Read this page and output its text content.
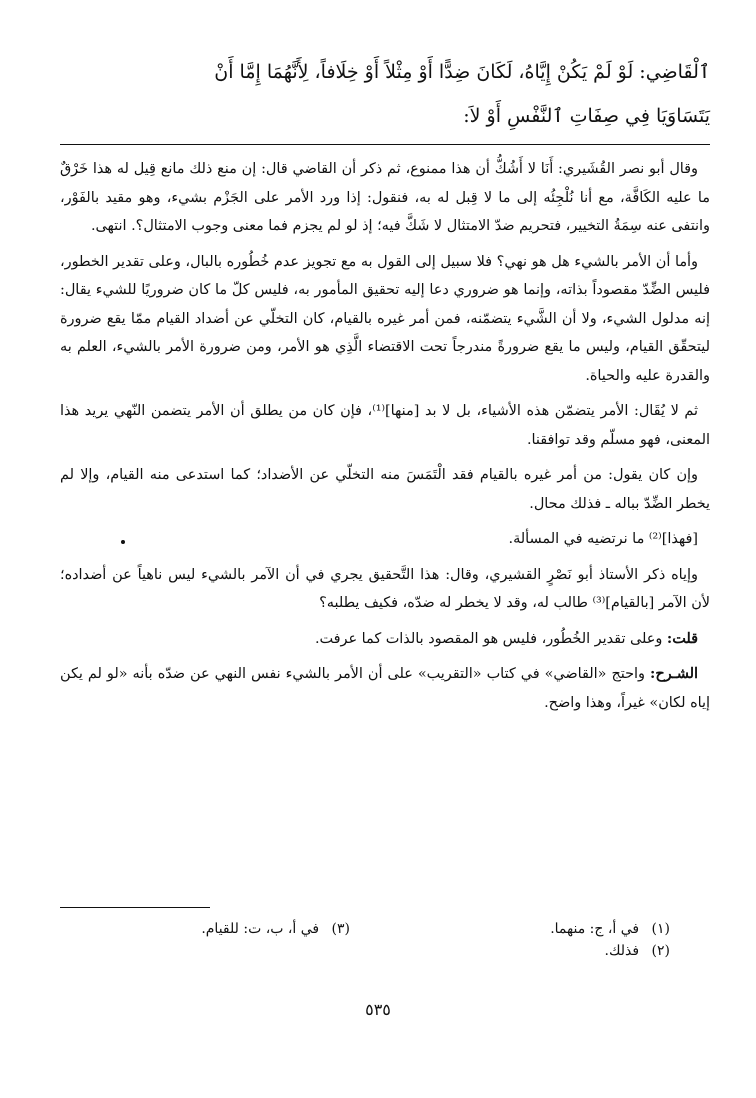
ٱلْقَاضِي: لَوْ لَمْ يَكُنْ إِيَّاهُ، لَكَانَ ضِدًّا أَوْ مِثْلاً أَوْ خِلَافاً، لِأَنَّهُمَا إِمَّا أَنْ
يَتَسَاوَيَا فِي صِفَاتِ ٱلنَّفْسِ أَوْ لاَ:

وقال أبو نصر القُشَيري: أَنَا لا أَشُكُّ أن هذا ممنوع، ثم ذكر أن القاضي قال: إن منع ذلك مانع قِيل له هذا خَرْقٌ ما عليه الكَافَّة، مع أنا نُلْجِئُه إلى ما لا قِبل له به، فنقول: إذا ورد الأمر على الجَزْم بشيء، وهو مقيد بالفَوْر، وانتفى عنه سِمَةُ التخيير، فتحريم ضدّ الامتثال لا شَكَّ فيه؛ إذ لو لم يجزم فما معنى وجوب الامتثال؟. انتهى.

وأما أن الأمر بالشيء هل هو نهي؟ فلا سبيل إلى القول به مع تجويز عدم خُطُوره بالبال، وعلى تقدير الخطور، فليس الضِّدّ مقصوداً بذاته، وإنما هو ضروري دعا إليه تحقيق المأمور به، فليس كلّ ما كان ضروريًا للشيء يقال: إنه مدلول الشيء، ولا أن الشَّيء يتضمّنه، فمن أمر غيره بالقيام، كان التخلّي عن أضداد القيام ممّا يقع ضرورة ليتحقّق القيام، وليس ما يقع ضرورةً مندرجاً تحت الاقتضاء الَّذِي هو الأمر، ومن ضرورة الأمر بالشيء، العلم به والقدرة عليه والحياة.

ثم لا يُقَال: الأمر يتضمّن هذه الأشياء، بل لا بد [منها]⁽¹⁾، فإن كان من يطلق أن الأمر يتضمن النّهي يريد هذا المعنى، فهو مسلّم وقد توافقنا.

وإن كان يقول: من أمر غيره بالقيام فقد الْتَمَسَ منه التخلّي عن الأضداد؛ كما استدعى منه القيام، وإلا لم يخطر الضِّدّ بباله ـ فذلك محال.

[فهذا]⁽²⁾ ما نرتضيه في المسألة.

وإياه ذكر الأستاذ أبو نَصْرٍ القشيري، وقال: هذا التَّحقيق يجري في أن الآمر بالشيء ليس ناهياً عن أضداده؛ لأن الآمر [بالقيام]⁽³⁾ طالب له، وقد لا يخطر له ضدّه، فكيف يطلبه؟

قلت: وعلى تقدير الخُطُور، فليس هو المقصود بالذات كما عرفت.

الشـرح: واحتج «القاضي» في كتاب «التقريب» على أن الأمر بالشيء نفس النهي عن ضدّه بأنه «لو لم يكن إياه لكان» غيراً، وهذا واضح.

(١) في أ، ج: منهما.
(٣) في أ، ب، ت: للقيام.
(٢) فذلك.
٥٣٥
